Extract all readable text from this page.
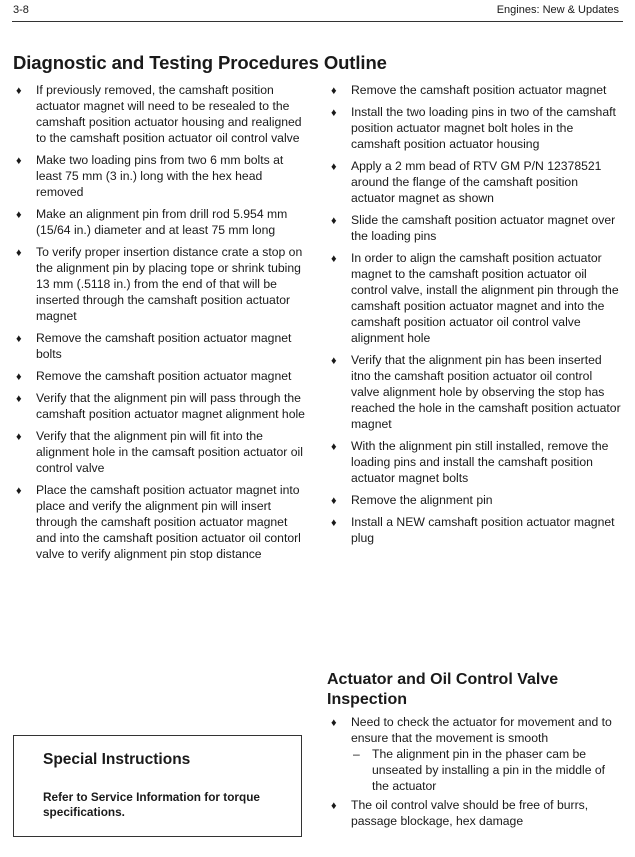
3-8	Engines: New & Updates
Diagnostic and Testing Procedures Outline
♦ If previously removed, the camshaft position actuator magnet will need to be resealed to the camshaft position actuator housing and realigned to the camshaft position actuator oil control valve
♦ Make two loading pins from two 6 mm bolts at least 75 mm (3 in.) long with the hex head removed
♦ Make an alignment pin from drill rod 5.954 mm (15/64 in.) diameter and at least 75 mm long
♦ To verify proper insertion distance crate a stop on the alignment pin by placing tope or shrink tubing 13 mm (.5118 in.) from the end of that will be inserted through the camshaft position actuator magnet
♦ Remove the camshaft position actuator magnet bolts
♦ Remove the camshaft position actuator magnet
♦ Verify that the alignment pin will pass through the camshaft position actuator magnet alignment hole
♦ Verify that the alignment pin will fit into the alignment hole in the camsaft position actuator oil control valve
♦ Place the camshaft position actuator magnet into place and verify the alignment pin will insert through the camshaft position actuator magnet and into the camshaft position actuator oil contorl valve to verify alignment pin stop distance
♦ Remove the camshaft position actuator magnet
♦ Install the two loading pins in two of the camshaft position actuator magnet bolt holes in the camshaft position actuator housing
♦ Apply a 2 mm bead of RTV GM P/N 12378521 around the flange of the camshaft position actuator magnet as shown
♦ Slide the camshaft position actuator magnet over the loading pins
♦ In order to align the camshaft position actuator magnet to the camshaft position actuator oil control valve, install the alignment pin through the camshaft position actuator magnet and into the camshaft position actuator oil control valve alignment hole
♦ Verify that the alignment pin has been inserted itno the camshaft position actuator oil control valve alignment hole by observing the stop has reached the hole in the camshaft position actuator magnet
♦ With the alignment pin still installed, remove the loading pins and install the camshaft position actuator magnet bolts
♦ Remove the alignment pin
♦ Install a NEW camshaft position actuator magnet plug
Actuator and Oil Control Valve Inspection
♦ Need to check the actuator for movement and to ensure that the movement is smooth
– The alignment pin in the phaser cam be unseated by installing a pin in the middle of the actuator
♦ The oil control valve should be free of burrs, passage blockage, hex damage
Special Instructions
Refer to Service Information for torque specifications.
